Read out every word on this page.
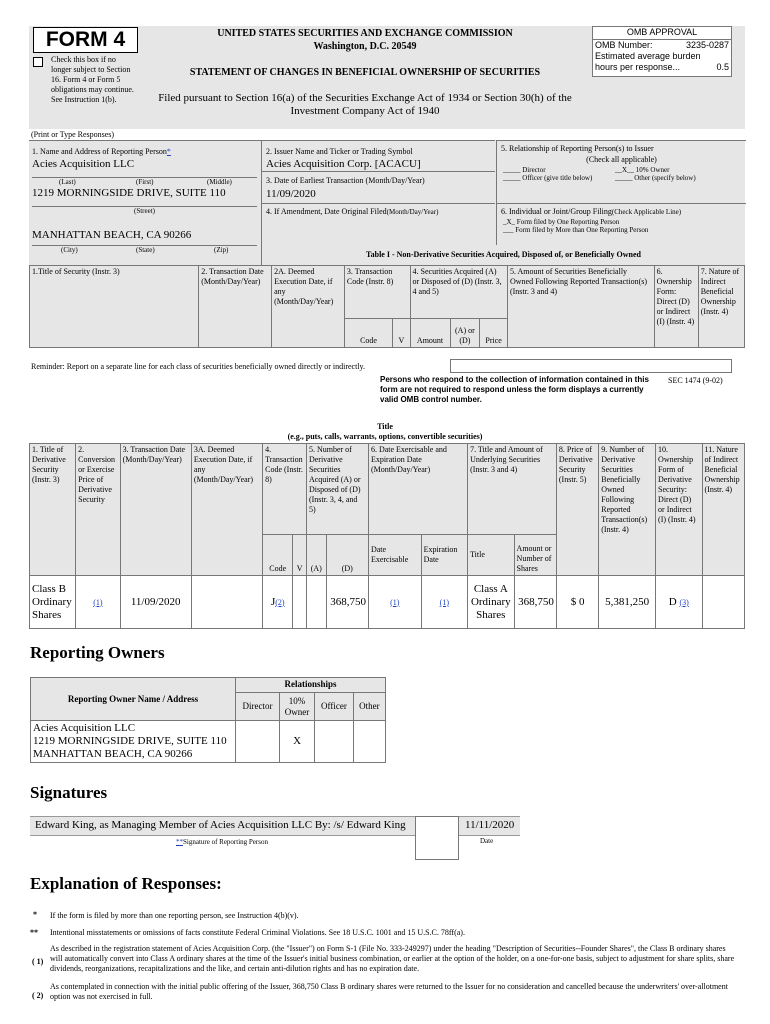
FORM 4
Check this box if no longer subject to Section 16. Form 4 or Form 5 obligations may continue. See Instruction 1(b).
UNITED STATES SECURITIES AND EXCHANGE COMMISSION
Washington, D.C. 20549
STATEMENT OF CHANGES IN BENEFICIAL OWNERSHIP OF SECURITIES
Filed pursuant to Section 16(a) of the Securities Exchange Act of 1934 or Section 30(h) of the
Investment Company Act of 1940
OMB APPROVAL
OMB Number:	3235-0287
Estimated average burden
hours per response...	0.5
(Print or Type Responses)
1. Name and Address of Reporting Person*
Acies Acquisition LLC
(Last)	(First)	(Middle)
1219 MORNINGSIDE DRIVE, SUITE 110
(Street)
MANHATTAN BEACH, CA 90266
(City)	(State)	(Zip)
2. Issuer Name and Ticker or Trading Symbol
Acies Acquisition Corp. [ACACU]
3. Date of Earliest Transaction (Month/Day/Year)
11/09/2020
4. If Amendment, Date Original Filed(Month/Day/Year)
5. Relationship of Reporting Person(s) to Issuer
(Check all applicable)
_____ Director	__X__ 10% Owner
_____ Officer (give title below)	_____ Other (specify below)
6. Individual or Joint/Group Filing(Check Applicable Line)
_X_ Form filed by One Reporting Person
___ Form filed by More than One Reporting Person
Table I - Non-Derivative Securities Acquired, Disposed of, or Beneficially Owned
1.Title of Security (Instr. 3)	2. Transaction Date (Month/Day/Year)	2A. Deemed Execution Date, if any (Month/Day/Year)	3. Transaction Code (Instr. 8)		4. Securities Acquired (A) or Disposed of (D) (Instr. 3, 4 and 5)			5. Amount of Securities Beneficially Owned Following Reported Transaction(s) (Instr. 3 and 4)	6. Ownership Form: Direct (D) or Indirect (I) (Instr. 4)	7. Nature of Indirect Beneficial Ownership (Instr. 4)
			Code	V	Amount	(A) or (D)	Price			
Reminder: Report on a separate line for each class of securities beneficially owned directly or indirectly.
Persons who respond to the collection of information contained in this form are not required to respond unless the form displays a currently valid OMB control number.
SEC 1474 (9-02)
Title
(e.g., puts, calls, warrants, options, convertible securities)
1. Title of Derivative Security (Instr. 3)	2. Conversion or Exercise Price of Derivative Security	3. Transaction Date (Month/Day/Year)	3A. Deemed Execution Date, if any (Month/Day/Year)	4. Transaction Code (Instr. 8)		5. Number of Derivative Securities Acquired (A) or Disposed of (D) (Instr. 3, 4, and 5)		6. Date Exercisable and Expiration Date (Month/Day/Year)		7. Title and Amount of Underlying Securities (Instr. 3 and 4)		8. Price of Derivative Security (Instr. 5)	9. Number of Derivative Securities Beneficially Owned Following Reported Transaction(s) (Instr. 4)	10. Ownership Form of Derivative Security: Direct (D) or Indirect (I) (Instr. 4)	11. Nature of Indirect Beneficial Ownership (Instr. 4)
				Code	V	(A)	(D)	Date Exercisable	Expiration Date	Title	Amount or Number of Shares				
Class B Ordinary Shares	(1)	11/09/2020		J(2)			368,750	(1)	(1)	Class A Ordinary Shares	368,750	$ 0	5,381,250	D (3)	
Reporting Owners
Reporting Owner Name / Address	Relationships			
	Director	10% Owner	Officer	Other

Acies Acquisition LLC
1219 MORNINGSIDE DRIVE, SUITE 110
MANHATTAN BEACH, CA 90266		X		
Signatures
Edward King, as Managing Member of Acies Acquisition LLC By: /s/ Edward King	11/11/2020
**Signature of Reporting Person	Date
Explanation of Responses:
* If the form is filed by more than one reporting person, see Instruction 4(b)(v).
** Intentional misstatements or omissions of facts constitute Federal Criminal Violations. See 18 U.S.C. 1001 and 15 U.S.C. 78ff(a).
( 1)
As described in the registration statement of Acies Acquisition Corp. (the "Issuer") on Form S-1 (File No. 333-249297) under the heading "Description of Securities--Founder Shares", the Class B ordinary shares will automatically convert into Class A ordinary shares at the time of the Issuer's initial business combination, or earlier at the option of the holder, on a one-for-one basis, subject to adjustment for share splits, share dividends, reorganizations, recapitalizations and the like, and certain anti-dilution rights and has no expiration date.
( 2)
As contemplated in connection with the initial public offering of the Issuer, 368,750 Class B ordinary shares were returned to the Issuer for no consideration and cancelled because the underwriters' over-allotment option was not exercised in full.
